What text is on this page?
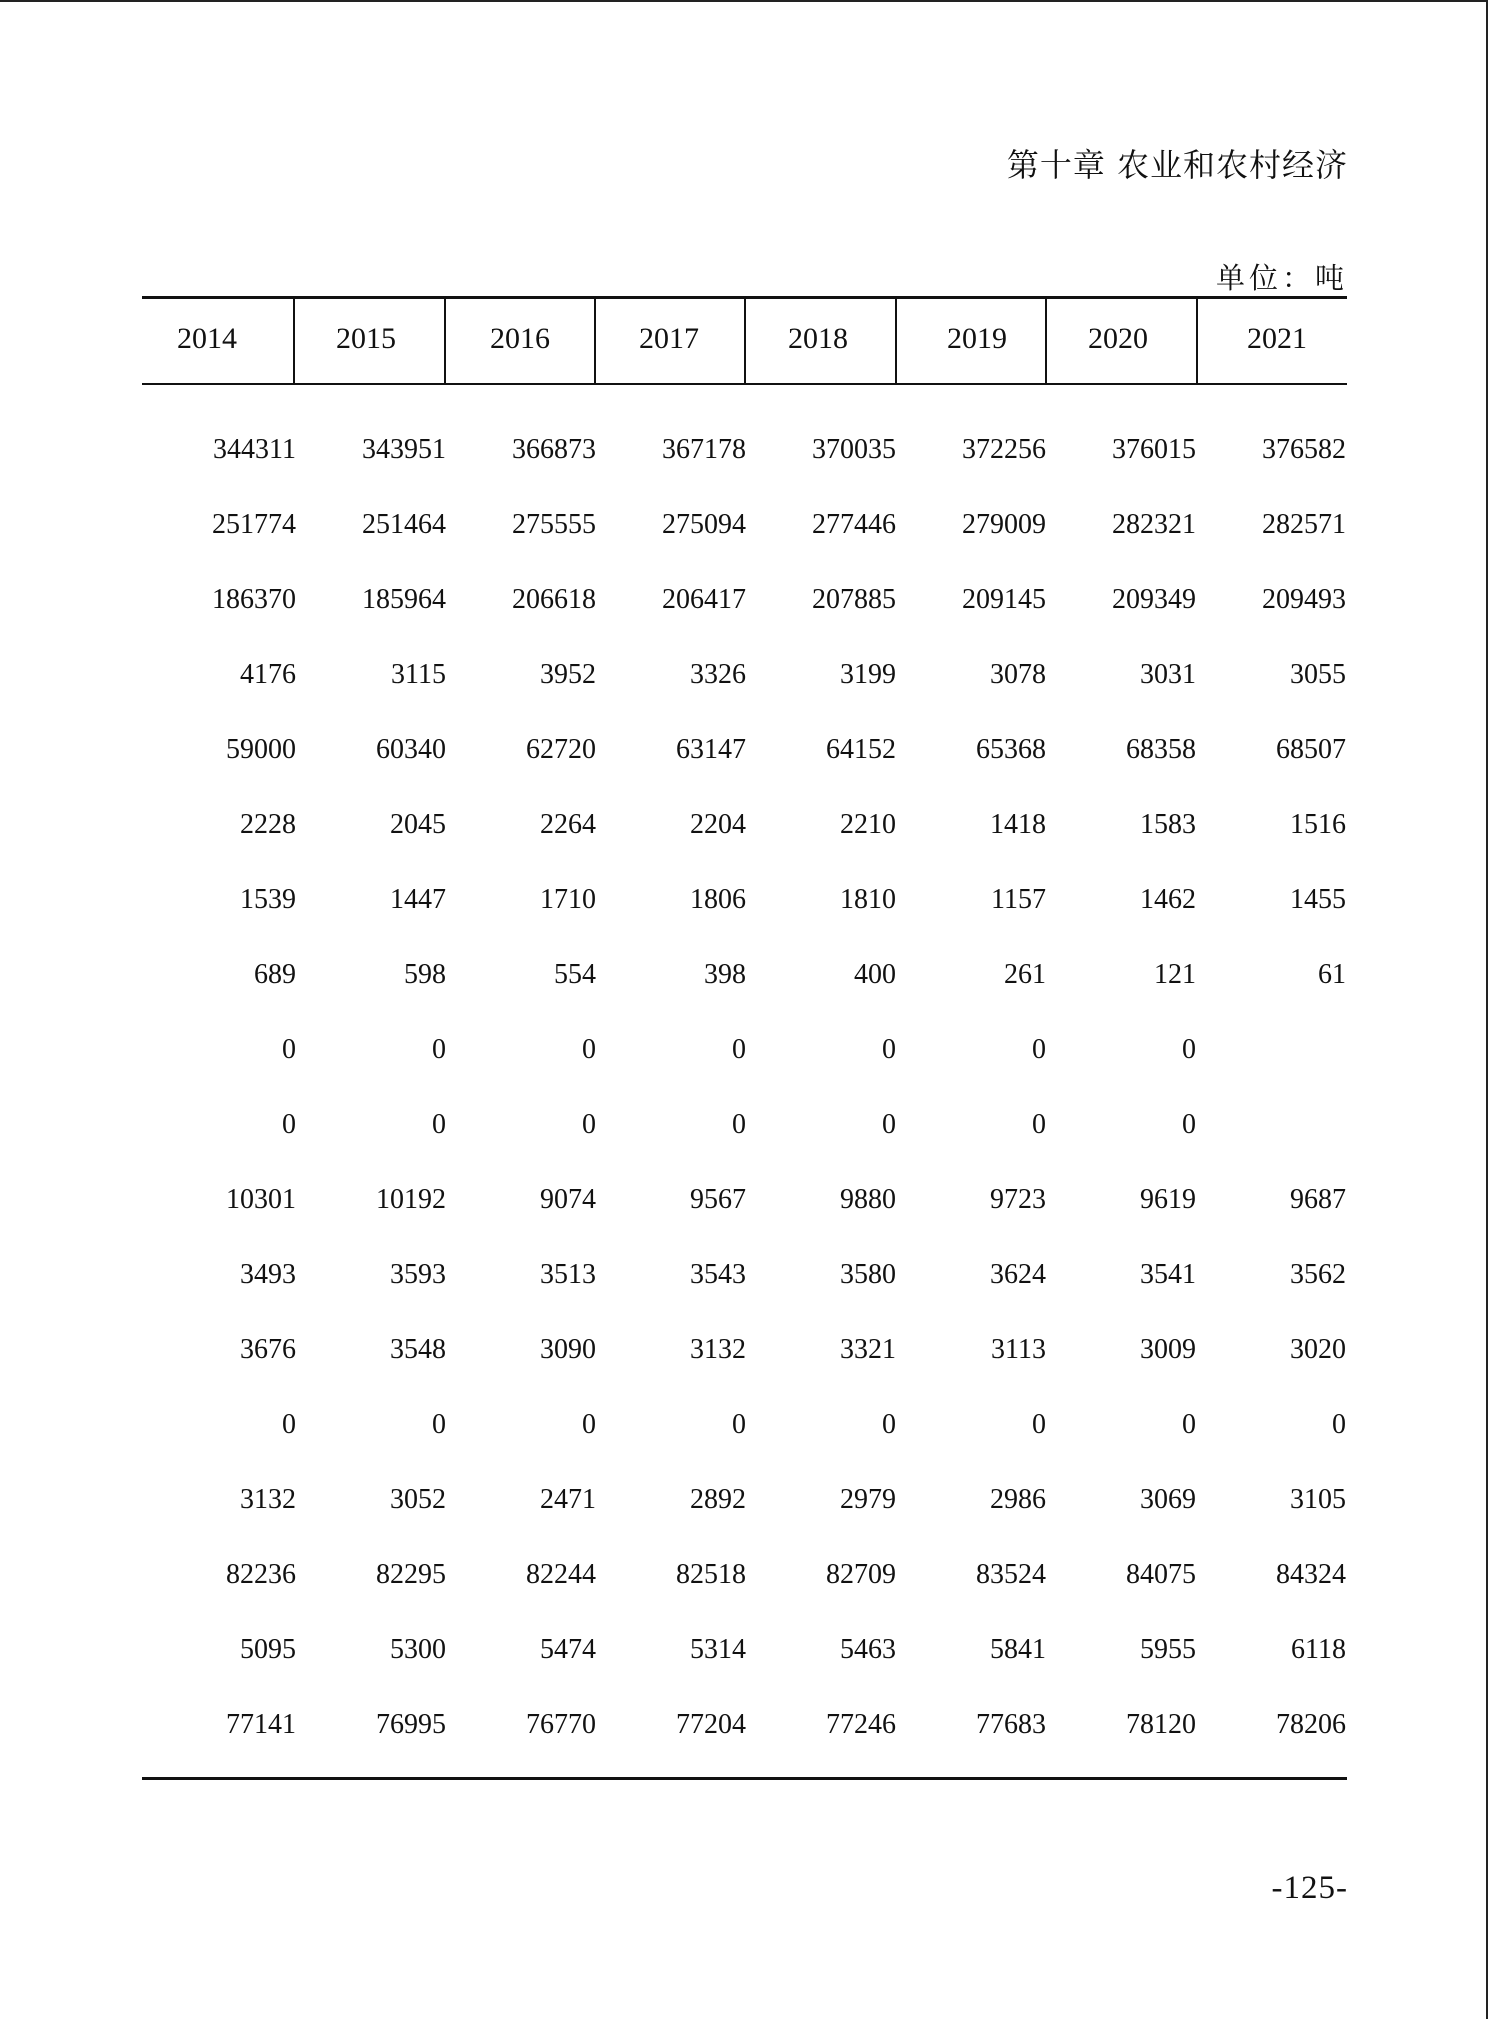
第十章 农业和农村经济
单位：吨
2014	2015	2016	2017	2018	2019	2020	2021
344311	343951	366873	367178	370035	372256	376015	376582
251774	251464	275555	275094	277446	279009	282321	282571
186370	185964	206618	206417	207885	209145	209349	209493
4176	3115	3952	3326	3199	3078	3031	3055
59000	60340	62720	63147	64152	65368	68358	68507
2228	2045	2264	2204	2210	1418	1583	1516
1539	1447	1710	1806	1810	1157	1462	1455
689	598	554	398	400	261	121	61
0	0	0	0	0	0	0
0	0	0	0	0	0	0
10301	10192	9074	9567	9880	9723	9619	9687
3493	3593	3513	3543	3580	3624	3541	3562
3676	3548	3090	3132	3321	3113	3009	3020
0	0	0	0	0	0	0	0
3132	3052	2471	2892	2979	2986	3069	3105
82236	82295	82244	82518	82709	83524	84075	84324
5095	5300	5474	5314	5463	5841	5955	6118
77141	76995	76770	77204	77246	77683	78120	78206
-125-
